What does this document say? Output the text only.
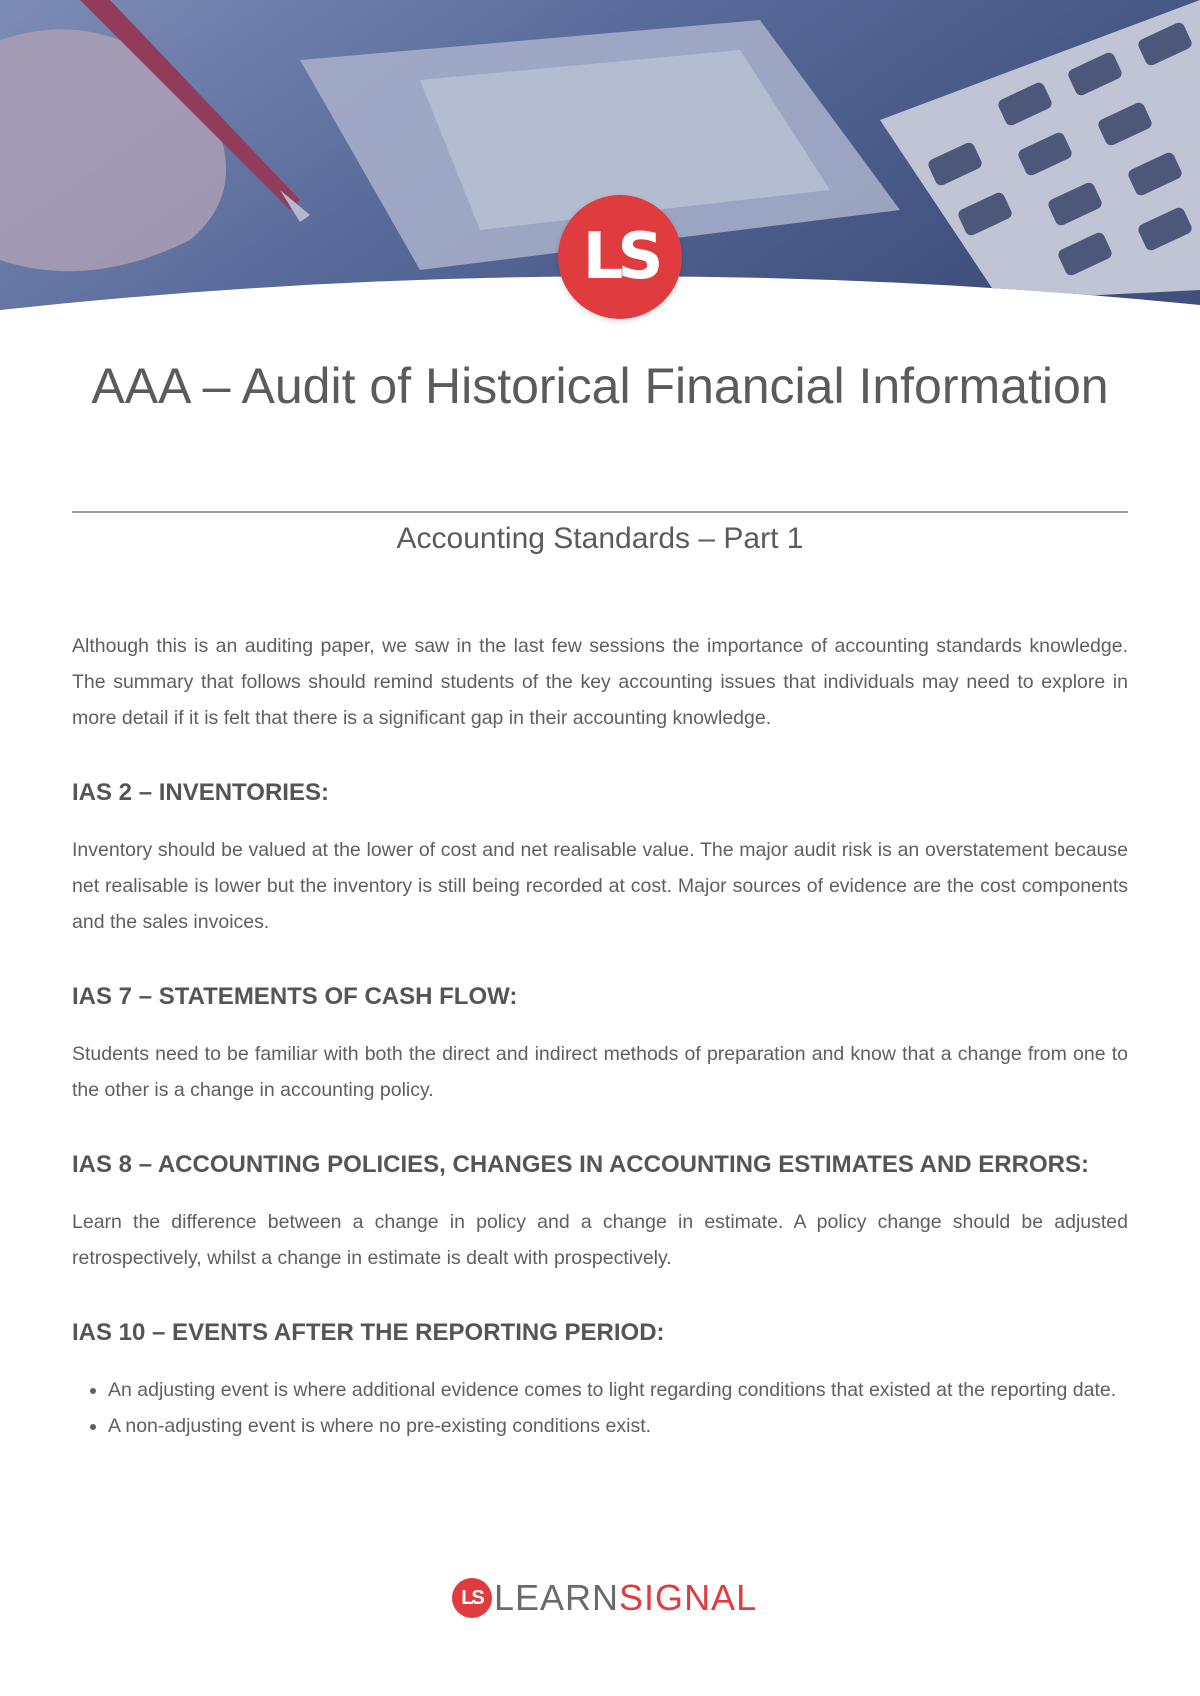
LS
AAA – Audit of Historical Financial Information
Accounting Standards – Part 1

Although this is an auditing paper, we saw in the last few sessions the importance of accounting standards knowledge. The summary that follows should remind students of the key accounting issues that individuals may need to explore in more detail if it is felt that there is a significant gap in their accounting knowledge.

IAS 2 – INVENTORIES:

Inventory should be valued at the lower of cost and net realisable value. The major audit risk is an overstatement because net realisable is lower but the inventory is still being recorded at cost. Major sources of evidence are the cost components and the sales invoices.

IAS 7 – STATEMENTS OF CASH FLOW:

Students need to be familiar with both the direct and indirect methods of preparation and know that a change from one to the other is a change in accounting policy.

IAS 8 – ACCOUNTING POLICIES, CHANGES IN ACCOUNTING ESTIMATES AND ERRORS:

Learn the difference between a change in policy and a change in estimate. A policy change should be adjusted retrospectively, whilst a change in estimate is dealt with prospectively.

IAS 10 – EVENTS AFTER THE REPORTING PERIOD:
• An adjusting event is where additional evidence comes to light regarding conditions that existed at the reporting date.
• A non-adjusting event is where no pre-existing conditions exist.
LS LEARN SIGNAL
